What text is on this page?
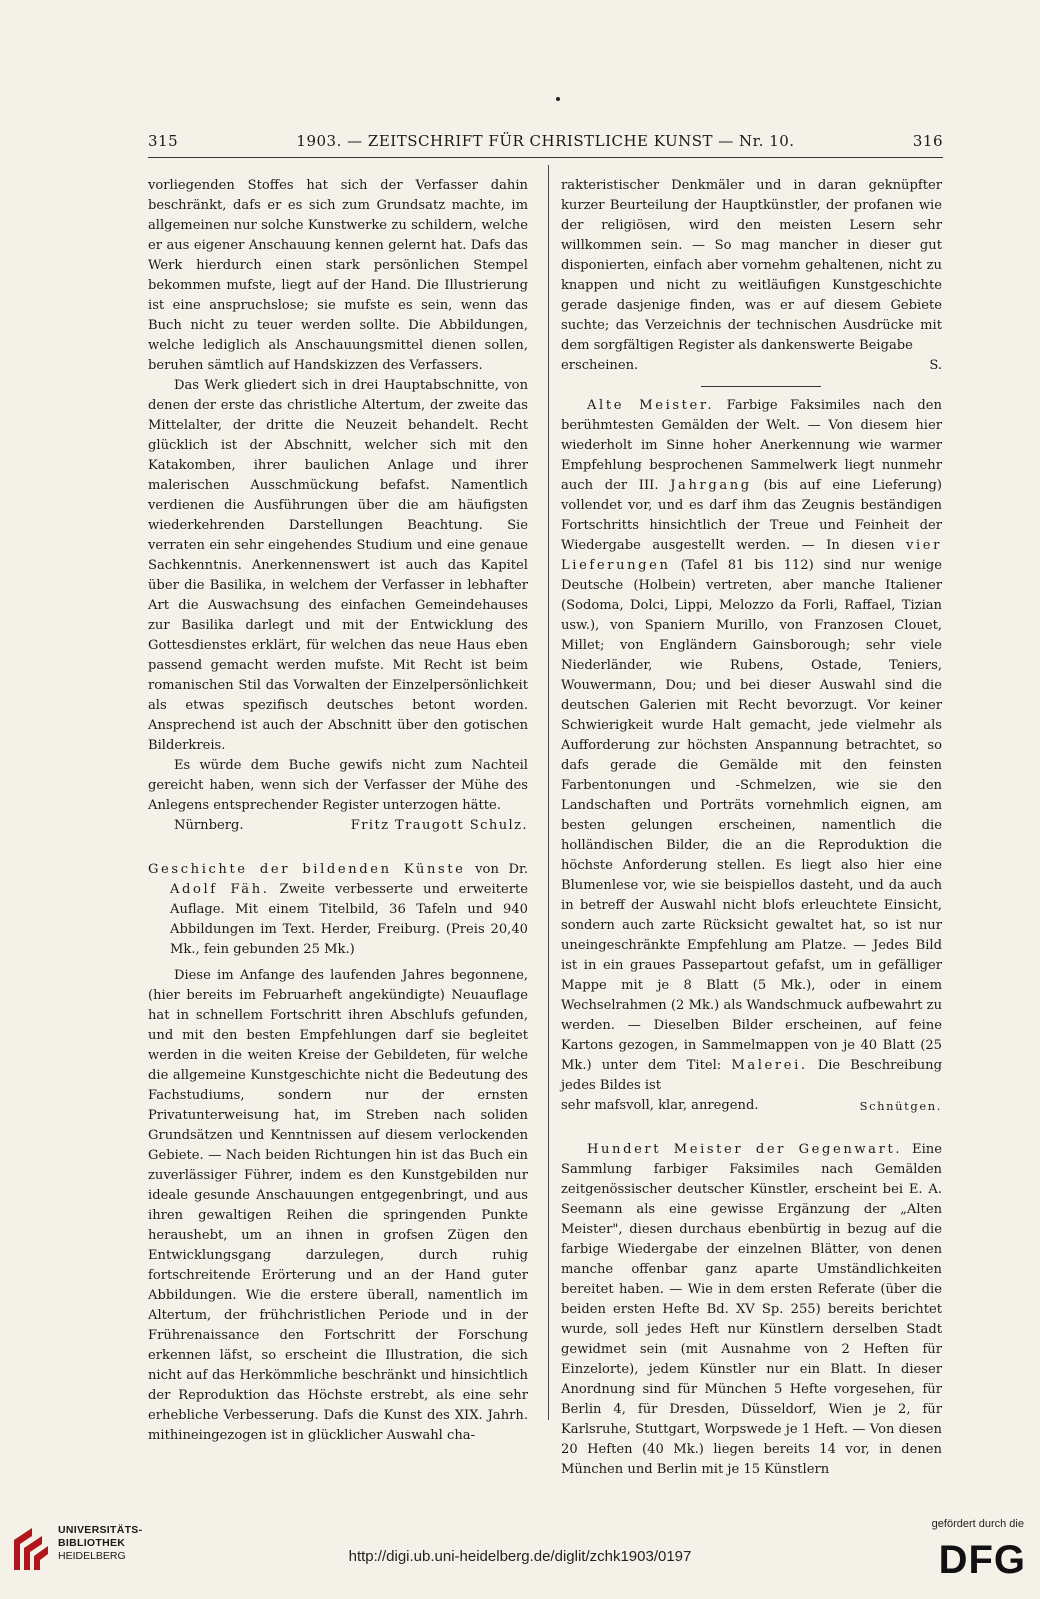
315	1903. — ZEITSCHRIFT FÜR CHRISTLICHE KUNST — Nr. 10.	316

vorliegenden Stoffes hat sich der Verfasser dahin beschränkt, dafs er es sich zum Grundsatz machte, im allgemeinen nur solche Kunstwerke zu schildern, welche er aus eigener Anschauung kennen gelernt hat. Dafs das Werk hierdurch einen stark persönlichen Stempel bekommen mufste, liegt auf der Hand. Die Illustrierung ist eine anspruchslose; sie mufste es sein, wenn das Buch nicht zu teuer werden sollte. Die Abbildungen, welche lediglich als Anschauungsmittel dienen sollen, beruhen sämtlich auf Handskizzen des Verfassers.

Das Werk gliedert sich in drei Hauptabschnitte, von denen der erste das christliche Altertum, der zweite das Mittelalter, der dritte die Neuzeit behandelt. Recht glücklich ist der Abschnitt, welcher sich mit den Katakomben, ihrer baulichen Anlage und ihrer malerischen Ausschmückung befafst. Namentlich verdienen die Ausführungen über die am häufigsten wiederkehrenden Darstellungen Beachtung. Sie verraten ein sehr eingehendes Studium und eine genaue Sachkenntnis. Anerkennenswert ist auch das Kapitel über die Basilika, in welchem der Verfasser in lebhafter Art die Auswachsung des einfachen Gemeindehauses zur Basilika darlegt und mit der Entwicklung des Gottesdienstes erklärt, für welchen das neue Haus eben passend gemacht werden mufste. Mit Recht ist beim romanischen Stil das Vorwalten der Einzelpersönlichkeit als etwas spezifisch deutsches betont worden. Ansprechend ist auch der Abschnitt über den gotischen Bilderkreis.

Es würde dem Buche gewifs nicht zum Nachteil gereicht haben, wenn sich der Verfasser der Mühe des Anlegens entsprechender Register unterzogen hätte.

Nürnberg.	Fritz Traugott Schulz.

Geschichte der bildenden Künste von Dr. Adolf Fäh. Zweite verbesserte und erweiterte Auflage. Mit einem Titelbild, 36 Tafeln und 940 Abbildungen im Text. Herder, Freiburg. (Preis 20,40 Mk., fein gebunden 25 Mk.)

Diese im Anfange des laufenden Jahres begonnene, (hier bereits im Februarheft angekündigte) Neuauflage hat in schnellem Fortschritt ihren Abschlufs gefunden, und mit den besten Empfehlungen darf sie begleitet werden in die weiten Kreise der Gebildeten, für welche die allgemeine Kunstgeschichte nicht die Bedeutung des Fachstudiums, sondern nur der ernsten Privatunterweisung hat, im Streben nach soliden Grundsätzen und Kenntnissen auf diesem verlockenden Gebiete. — Nach beiden Richtungen hin ist das Buch ein zuverlässiger Führer, indem es den Kunstgebilden nur ideale gesunde Anschauungen entgegenbringt, und aus ihren gewaltigen Reihen die springenden Punkte heraushebt, um an ihnen in grofsen Zügen den Entwicklungsgang darzulegen, durch ruhig fortschreitende Erörterung und an der Hand guter Abbildungen. Wie die erstere überall, namentlich im Altertum, der frühchristlichen Periode und in der Frührenaissance den Fortschritt der Forschung erkennen läfst, so erscheint die Illustration, die sich nicht auf das Herkömmliche beschränkt und hinsichtlich der Reproduktion das Höchste erstrebt, als eine sehr erhebliche Verbesserung. Dafs die Kunst des XIX. Jahrh. mithineingezogen ist in glücklicher Auswahl cha-

rakteristischer Denkmäler und in daran geknüpfter kurzer Beurteilung der Hauptkünstler, der profanen wie der religiösen, wird den meisten Lesern sehr willkommen sein. — So mag mancher in dieser gut disponierten, einfach aber vornehm gehaltenen, nicht zu knappen und nicht zu weitläufigen Kunstgeschichte gerade dasjenige finden, was er auf diesem Gebiete suchte; das Verzeichnis der technischen Ausdrücke mit dem sorgfältigen Register als dankenswerte Beigabe

erscheinen.	S.

Alte Meister. Farbige Faksimiles nach den berühmtesten Gemälden der Welt. — Von diesem hier wiederholt im Sinne hoher Anerkennung wie warmer Empfehlung besprochenen Sammelwerk liegt nunmehr auch der III. Jahrgang (bis auf eine Lieferung) vollendet vor, und es darf ihm das Zeugnis beständigen Fortschritts hinsichtlich der Treue und Feinheit der Wiedergabe ausgestellt werden. — In diesen vier Lieferungen (Tafel 81 bis 112) sind nur wenige Deutsche (Holbein) vertreten, aber manche Italiener (Sodoma, Dolci, Lippi, Melozzo da Forli, Raffael, Tizian usw.), von Spaniern Murillo, von Franzosen Clouet, Millet; von Engländern Gainsborough; sehr viele Niederländer, wie Rubens, Ostade, Teniers, Wouwermann, Dou; und bei dieser Auswahl sind die deutschen Galerien mit Recht bevorzugt. Vor keiner Schwierigkeit wurde Halt gemacht, jede vielmehr als Aufforderung zur höchsten Anspannung betrachtet, so dafs gerade die Gemälde mit den feinsten Farbentonungen und -Schmelzen, wie sie den Landschaften und Porträts vornehmlich eignen, am besten gelungen erscheinen, namentlich die holländischen Bilder, die an die Reproduktion die höchste Anforderung stellen. Es liegt also hier eine Blumenlese vor, wie sie beispiellos dasteht, und da auch in betreff der Auswahl nicht blofs erleuchtete Einsicht, sondern auch zarte Rücksicht gewaltet hat, so ist nur uneingeschränkte Empfehlung am Platze. — Jedes Bild ist in ein graues Passepartout gefafst, um in gefälliger Mappe mit je 8 Blatt (5 Mk.), oder in einem Wechselrahmen (2 Mk.) als Wandschmuck aufbewahrt zu werden. — Dieselben Bilder erscheinen, auf feine Kartons gezogen, in Sammelmappen von je 40 Blatt (25 Mk.) unter dem Titel: Malerei. Die Beschreibung jedes Bildes ist

sehr mafsvoll, klar, anregend.	Schnütgen.

Hundert Meister der Gegenwart. Eine Sammlung farbiger Faksimiles nach Gemälden zeitgenössischer deutscher Künstler, erscheint bei E. A. Seemann als eine gewisse Ergänzung der „Alten Meister", diesen durchaus ebenbürtig in bezug auf die farbige Wiedergabe der einzelnen Blätter, von denen manche offenbar ganz aparte Umständlichkeiten bereitet haben. — Wie in dem ersten Referate (über die beiden ersten Hefte Bd. XV Sp. 255) bereits berichtet wurde, soll jedes Heft nur Künstlern derselben Stadt gewidmet sein (mit Ausnahme von 2 Heften für Einzelorte), jedem Künstler nur ein Blatt. In dieser Anordnung sind für München 5 Hefte vorgesehen, für Berlin 4, für Dresden, Düsseldorf, Wien je 2, für Karlsruhe, Stuttgart, Worpswede je 1 Heft. — Von diesen 20 Heften (40 Mk.) liegen bereits 14 vor, in denen München und Berlin mit je 15 Künstlern

UNIVERSITÄTS-
BIBLIOTHEK
HEIDELBERG	http://digi.ub.uni-heidelberg.de/diglit/zchk1903/0197
gefördert durch die
DFG
